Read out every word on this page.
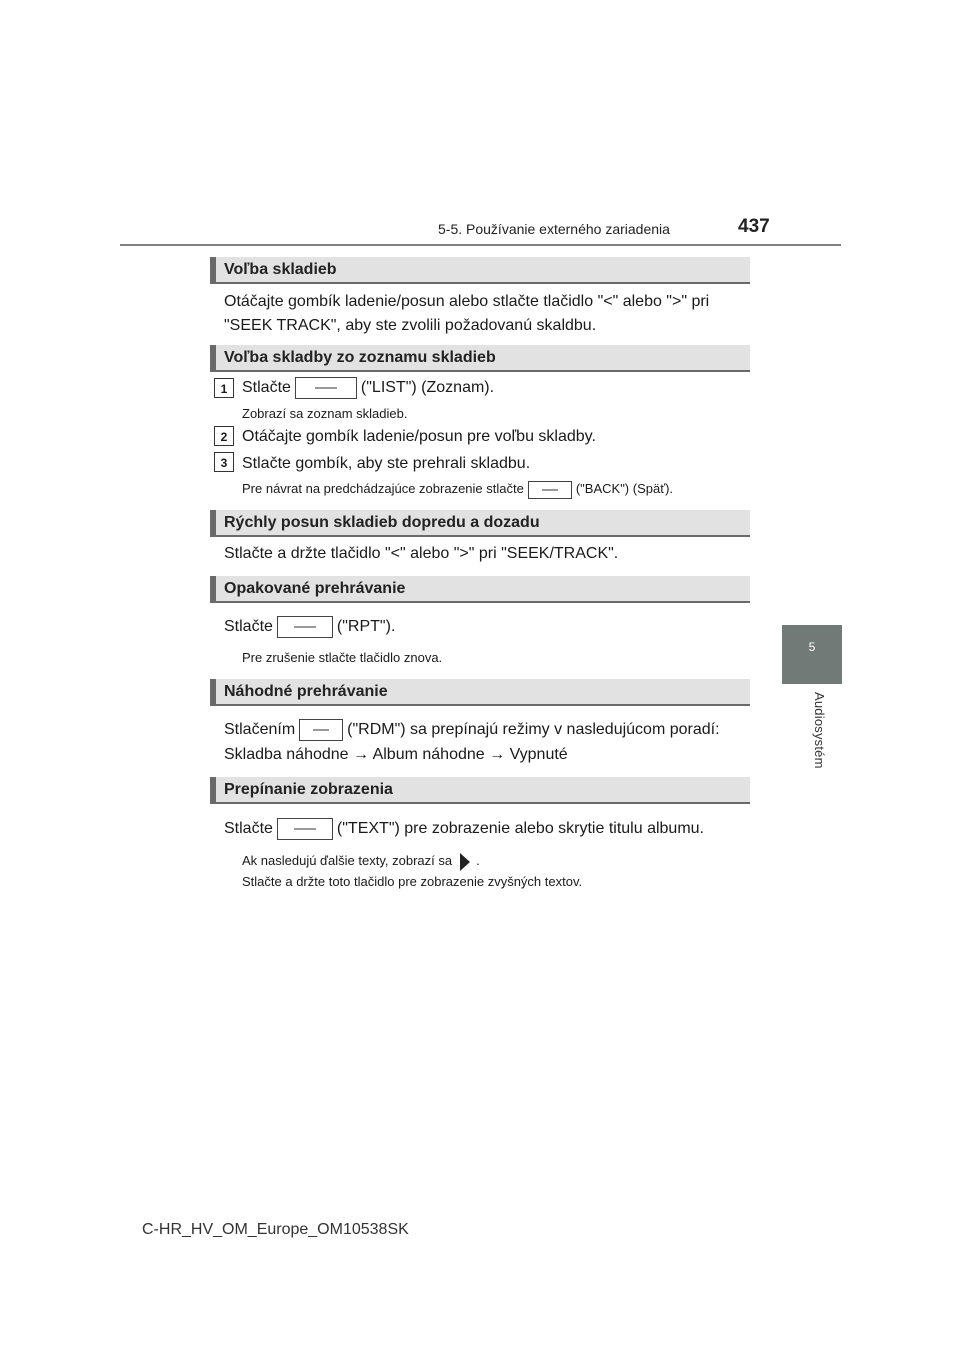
5-5. Používanie externého zariadenia	437
5
Audiosystém
Voľba skladieb
Otáčajte gombík ladenie/posun alebo stlačte tlačidlo "<" alebo ">" pri
"SEEK TRACK", aby ste zvolili požadovanú skaldbu.
Voľba skladby zo zoznamu skladieb
1 Stlačte	("LIST") (Zoznam).
Zobrazí sa zoznam skladieb.
2 Otáčajte gombík ladenie/posun pre voľbu skladby.
3 Stlačte gombík, aby ste prehrali skladbu.
Pre návrat na predchádzajúce zobrazenie stlačte	("BACK") (Späť).
Rýchly posun skladieb dopredu a dozadu
Stlačte a držte tlačidlo "<" alebo ">" pri "SEEK/TRACK".
Opakované prehrávanie
Stlačte	("RPT").
Pre zrušenie stlačte tlačidlo znova.
Náhodné prehrávanie
Stlačením	("RDM") sa prepínajú režimy v nasledujúcom poradí:
Skladba náhodne → Album náhodne → Vypnuté
Prepínanie zobrazenia
Stlačte	("TEXT") pre zobrazenie alebo skrytie titulu albumu.
Ak nasledujú ďalšie texty, zobrazí sa .
Stlačte a držte toto tlačidlo pre zobrazenie zvyšných textov.
C-HR_HV_OM_Europe_OM10538SK
